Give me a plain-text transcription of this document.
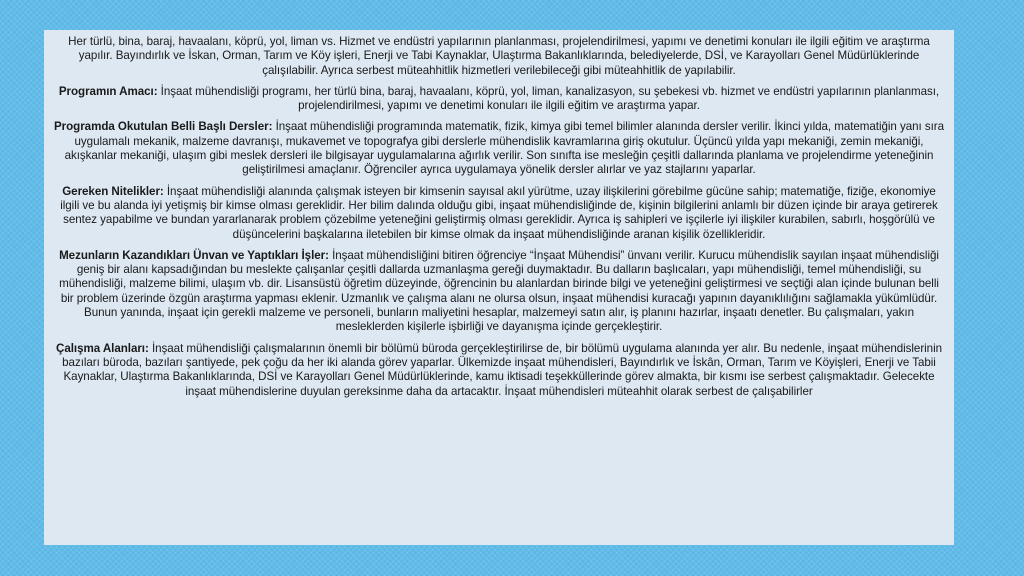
Her türlü, bina, baraj, havaalanı, köprü, yol, liman vs. Hizmet ve endüstri yapılarının planlanması, projelendirilmesi, yapımı ve denetimi konuları ile ilgili eğitim ve araştırma yapılır. Bayındırlık ve İskan, Orman, Tarım ve Köy işleri, Enerji ve Tabi Kaynaklar, Ulaştırma Bakanlıklarında, belediyelerde, DSİ, ve Karayolları Genel Müdürlüklerinde çalışılabilir. Ayrıca serbest müteahhitlik hizmetleri verilebileceği gibi müteahhitlik de yapılabilir.

Programın Amacı: İnşaat mühendisliği programı, her türlü bina, baraj, havaalanı, köprü, yol, liman, kanalizasyon, su şebekesi vb. hizmet ve endüstri yapılarının planlanması, projelendirilmesi, yapımı ve denetimi konuları ile ilgili eğitim ve araştırma yapar.

Programda Okutulan Belli Başlı Dersler: İnşaat mühendisliği programında matematik, fizik, kimya gibi temel bilimler alanında dersler verilir. İkinci yılda, matematiğin yanı sıra uygulamalı mekanik, malzeme davranışı, mukavemet ve topografya gibi derslerle mühendislik kavramlarına giriş okutulur. Üçüncü yılda yapı mekaniği, zemin mekaniği, akışkanlar mekaniği, ulaşım gibi meslek dersleri ile bilgisayar uygulamalarına ağırlık verilir. Son sınıfta ise mesleğin çeşitli dallarında planlama ve projelendirme yeteneğinin geliştirilmesi amaçlanır. Öğrenciler ayrıca uygulamaya yönelik dersler alırlar ve yaz stajlarını yaparlar.

Gereken Nitelikler: İnşaat mühendisliği alanında çalışmak isteyen bir kimsenin sayısal akıl yürütme, uzay ilişkilerini görebilme gücüne sahip; matematiğe, fiziğe, ekonomiye ilgili ve bu alanda iyi yetişmiş bir kimse olması gereklidir. Her bilim dalında olduğu gibi, inşaat mühendisliğinde de, kişinin bilgilerini anlamlı bir düzen içinde bir araya getirerek sentez yapabilme ve bundan yararlanarak problem çözebilme yeteneğini geliştirmiş olması gereklidir. Ayrıca iş sahipleri ve işçilerle iyi ilişkiler kurabilen, sabırlı, hoşgörülü ve düşüncelerini başkalarına iletebilen bir kimse olmak da inşaat mühendisliğinde aranan kişilik özellikleridir.

Mezunların Kazandıkları Ünvan ve Yaptıkları İşler: İnşaat mühendisliğini bitiren öğrenciye “İnşaat Mühendisi” ünvanı verilir. Kurucu mühendislik sayılan inşaat mühendisliği geniş bir alanı kapsadığından bu meslekte çalışanlar çeşitli dallarda uzmanlaşma gereği duymaktadır. Bu dalların başlıcaları, yapı mühendisliği, temel mühendisliği, su mühendisliği, malzeme bilimi, ulaşım vb. dir. Lisansüstü öğretim düzeyinde, öğrencinin bu alanlardan birinde bilgi ve yeteneğini geliştirmesi ve seçtiği alan içinde bulunan belli bir problem üzerinde özgün araştırma yapması eklenir. Uzmanlık ve çalışma alanı ne olursa olsun, inşaat mühendisi kuracağı yapının dayanıklılığını sağlamakla yükümlüdür. Bunun yanında, inşaat için gerekli malzeme ve personeli, bunların maliyetini hesaplar, malzemeyi satın alır, iş planını hazırlar, inşaatı denetler. Bu çalışmaları, yakın mesleklerden kişilerle işbirliği ve dayanışma içinde gerçekleştirir.

Çalışma Alanları: İnşaat mühendisliği çalışmalarının önemli bir bölümü büroda gerçekleştirilirse de, bir bölümü uygulama alanında yer alır. Bu nedenle, inşaat mühendislerinin bazıları büroda, bazıları şantiyede, pek çoğu da her iki alanda görev yaparlar. Ülkemizde inşaat mühendisleri, Bayındırlık ve İskân, Orman, Tarım ve Köyişleri, Enerji ve Tabii Kaynaklar, Ulaştırma Bakanlıklarında, DSİ ve Karayolları Genel Müdürlüklerinde, kamu iktisadi teşekküllerinde görev almakta, bir kısmı ise serbest çalışmaktadır. Gelecekte inşaat mühendislerine duyulan gereksinme daha da artacaktır. İnşaat mühendisleri müteahhit olarak serbest de çalışabilirler
